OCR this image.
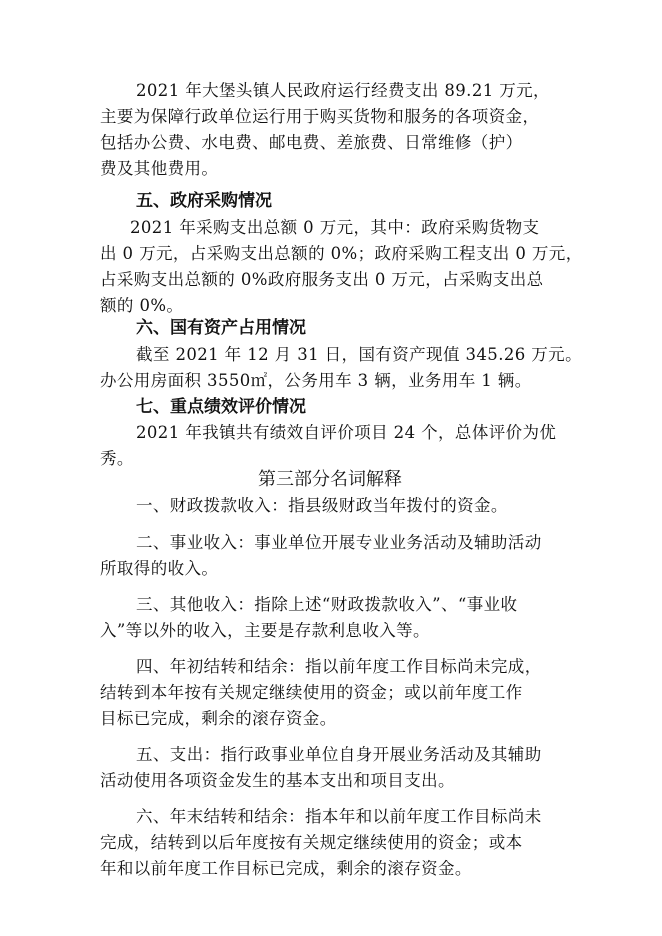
2021 年大堡头镇人民政府运行经费支出 89.21 万元，
主要为保障行政单位运行用于购买货物和服务的各项资金，
包括办公费、水电费、邮电费、差旅费、日常维修（护）
费及其他费用。
五、政府采购情况
2021 年采购支出总额 0 万元，其中：政府采购货物支
出 0 万元，占采购支出总额的 0%；政府采购工程支出 0 万元，
占采购支出总额的 0%政府服务支出 0 万元，占采购支出总
额的 0%。
六、国有资产占用情况
截至 2021 年 12 月 31 日，国有资产现值 345.26 万元。
办公用房面积 3550㎡，公务用车 3 辆，业务用车 1 辆。
七、重点绩效评价情况
2021 年我镇共有绩效自评价项目 24 个，总体评价为优
秀。
第三部分名词解释
一、财政拨款收入：指县级财政当年拨付的资金。
二、事业收入：事业单位开展专业业务活动及辅助活动
所取得的收入。
三、其他收入：指除上述“财政拨款收入”、“事业收
入”等以外的收入，主要是存款利息收入等。
四、年初结转和结余：指以前年度工作目标尚未完成，
结转到本年按有关规定继续使用的资金；或以前年度工作
目标已完成，剩余的滚存资金。
五、支出：指行政事业单位自身开展业务活动及其辅助
活动使用各项资金发生的基本支出和项目支出。
六、年末结转和结余：指本年和以前年度工作目标尚未
完成，结转到以后年度按有关规定继续使用的资金；或本
年和以前年度工作目标已完成，剩余的滚存资金。
